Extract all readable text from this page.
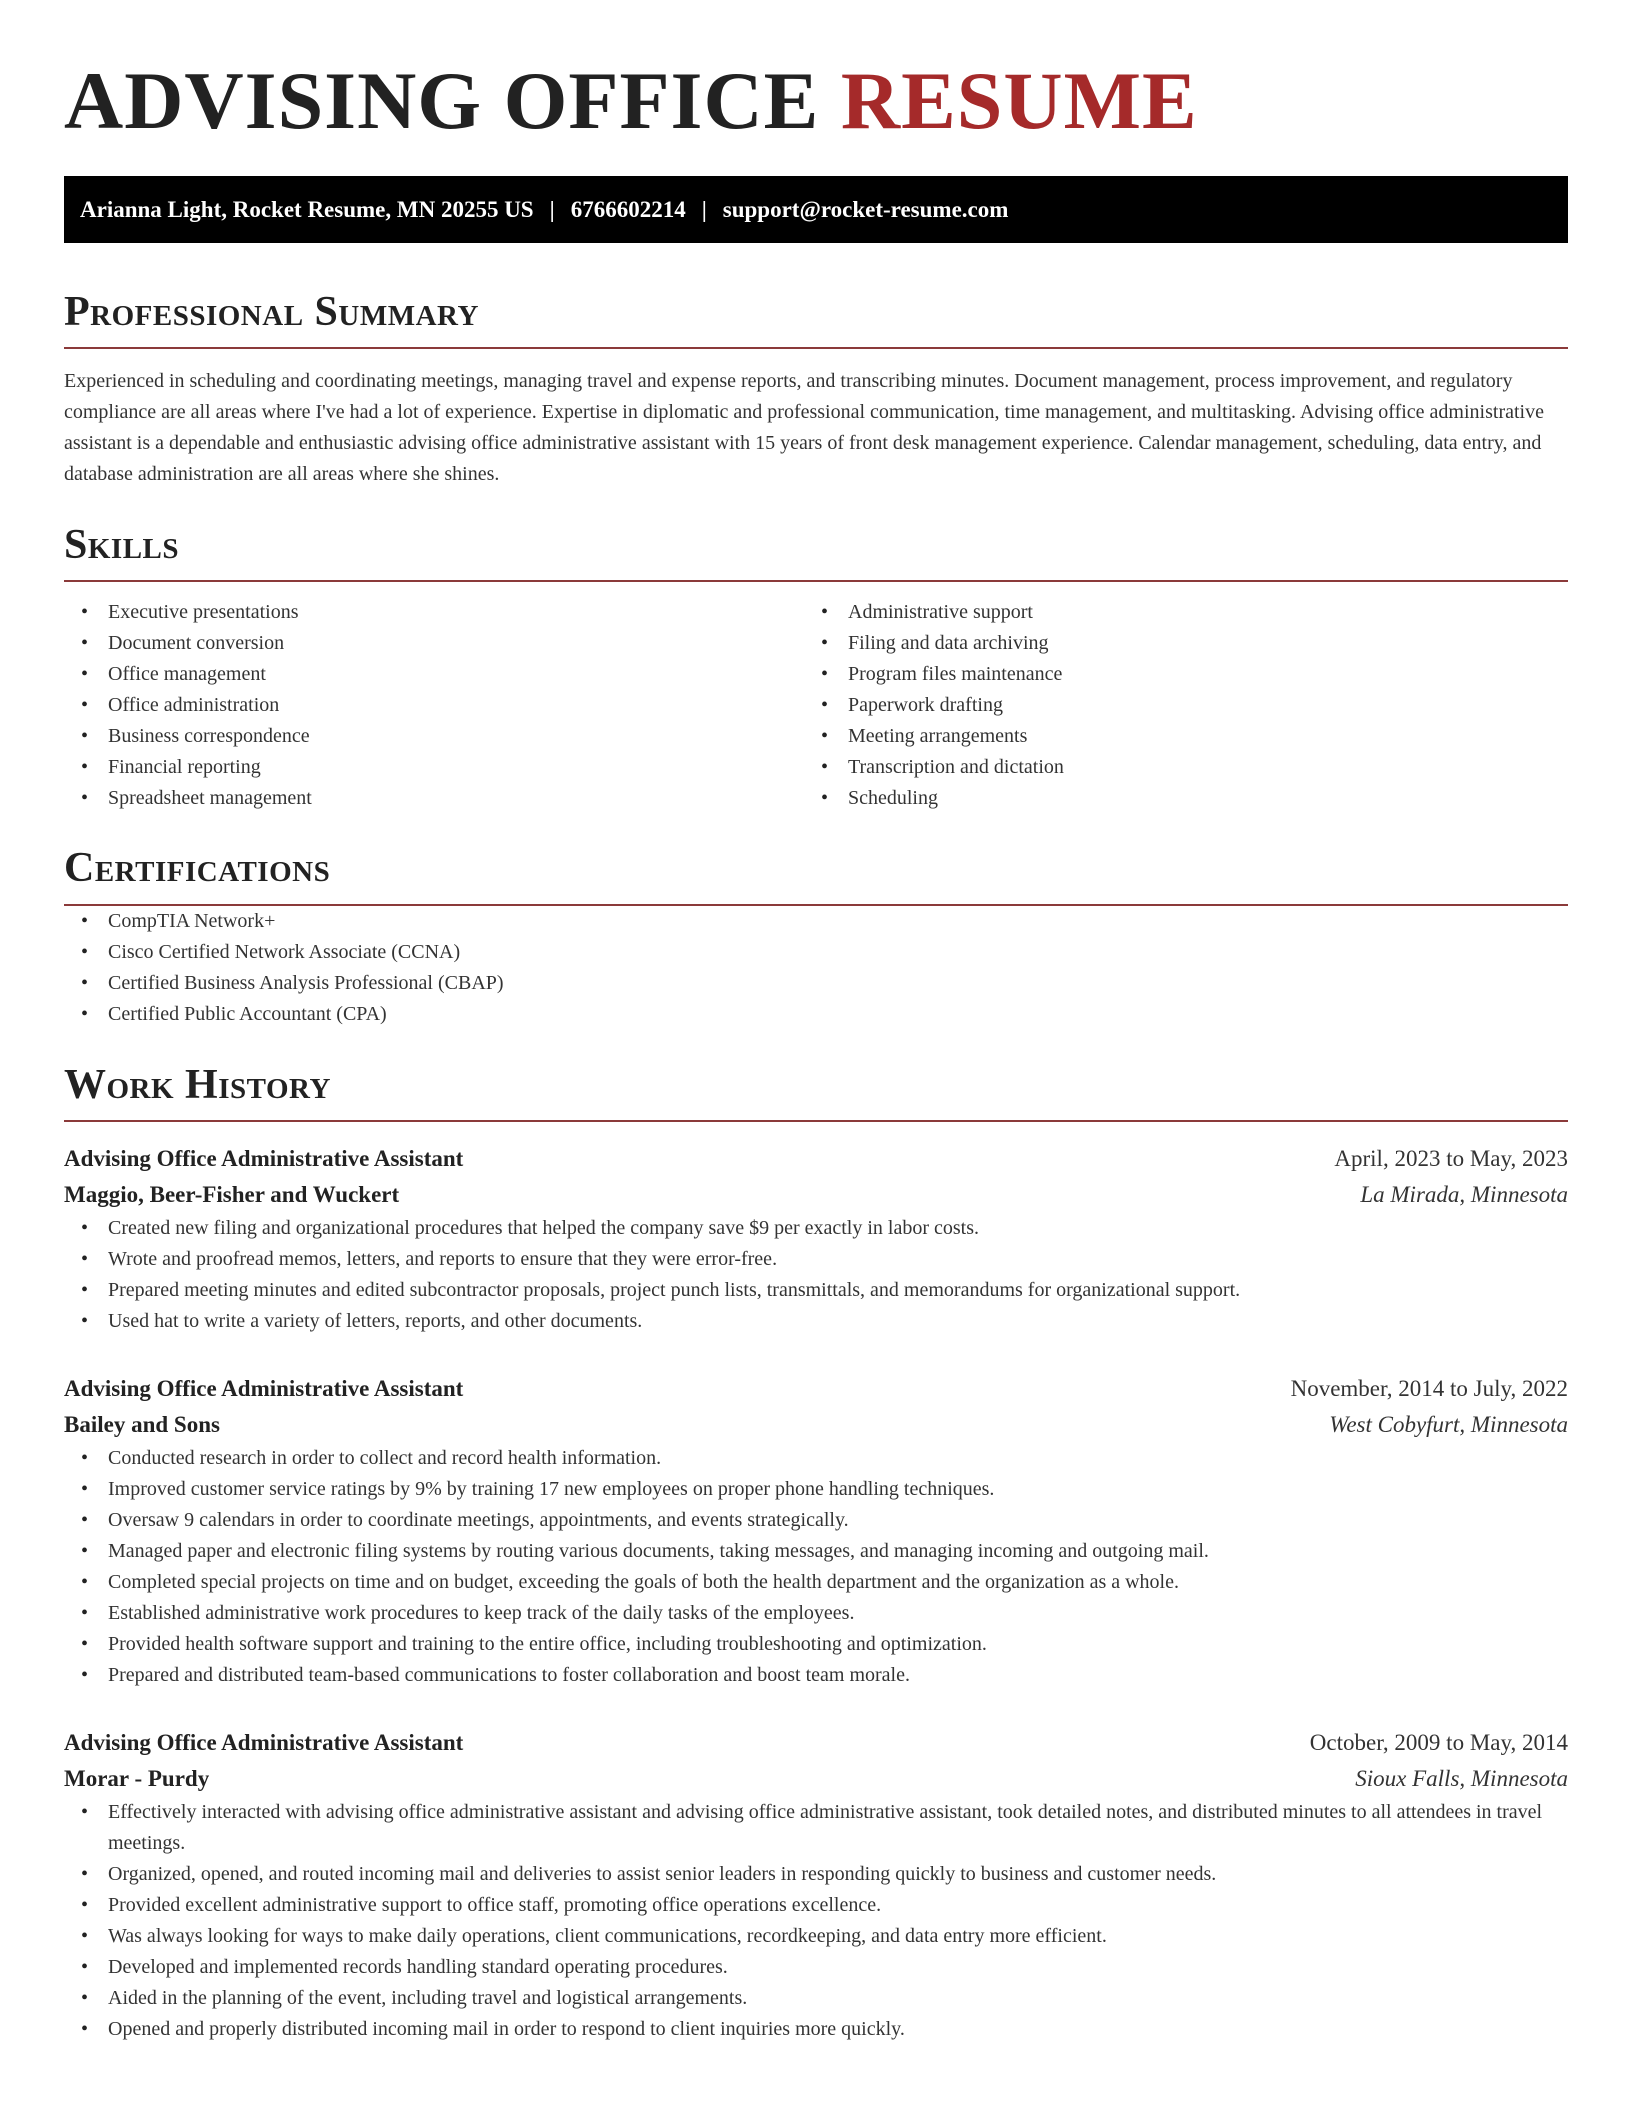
ADVISING OFFICE RESUME
Arianna Light, Rocket Resume, MN 20255 US | 6766602214 | support@rocket-resume.com
Professional Summary

Experienced in scheduling and coordinating meetings, managing travel and expense reports, and transcribing minutes. Document management, process improvement, and regulatory compliance are all areas where I've had a lot of experience. Expertise in diplomatic and professional communication, time management, and multitasking. Advising office administrative assistant is a dependable and enthusiastic advising office administrative assistant with 15 years of front desk management experience. Calendar management, scheduling, data entry, and database administration are all areas where she shines.

Skills
• Executive presentations
• Document conversion
• Office management
• Office administration
• Business correspondence
• Financial reporting
• Spreadsheet management
• Administrative support
• Filing and data archiving
• Program files maintenance
• Paperwork drafting
• Meeting arrangements
• Transcription and dictation
• Scheduling
Certifications
• CompTIA Network+
• Cisco Certified Network Associate (CCNA)
• Certified Business Analysis Professional (CBAP)
• Certified Public Accountant (CPA)
Work History
Advising Office Administrative Assistant	April, 2023 to May, 2023
Maggio, Beer-Fisher and Wuckert	La Mirada, Minnesota
• Created new filing and organizational procedures that helped the company save $9 per exactly in labor costs.
• Wrote and proofread memos, letters, and reports to ensure that they were error-free.
• Prepared meeting minutes and edited subcontractor proposals, project punch lists, transmittals, and memorandums for organizational support.
• Used hat to write a variety of letters, reports, and other documents.
Advising Office Administrative Assistant	November, 2014 to July, 2022
Bailey and Sons	West Cobyfurt, Minnesota
• Conducted research in order to collect and record health information.
• Improved customer service ratings by 9% by training 17 new employees on proper phone handling techniques.
• Oversaw 9 calendars in order to coordinate meetings, appointments, and events strategically.
• Managed paper and electronic filing systems by routing various documents, taking messages, and managing incoming and outgoing mail.
• Completed special projects on time and on budget, exceeding the goals of both the health department and the organization as a whole.
• Established administrative work procedures to keep track of the daily tasks of the employees.
• Provided health software support and training to the entire office, including troubleshooting and optimization.
• Prepared and distributed team-based communications to foster collaboration and boost team morale.
Advising Office Administrative Assistant	October, 2009 to May, 2014
Morar - Purdy	Sioux Falls, Minnesota
• Effectively interacted with advising office administrative assistant and advising office administrative assistant, took detailed notes, and distributed minutes to all attendees in travel meetings.
• Organized, opened, and routed incoming mail and deliveries to assist senior leaders in responding quickly to business and customer needs.
• Provided excellent administrative support to office staff, promoting office operations excellence.
• Was always looking for ways to make daily operations, client communications, recordkeeping, and data entry more efficient.
• Developed and implemented records handling standard operating procedures.
• Aided in the planning of the event, including travel and logistical arrangements.
• Opened and properly distributed incoming mail in order to respond to client inquiries more quickly.
